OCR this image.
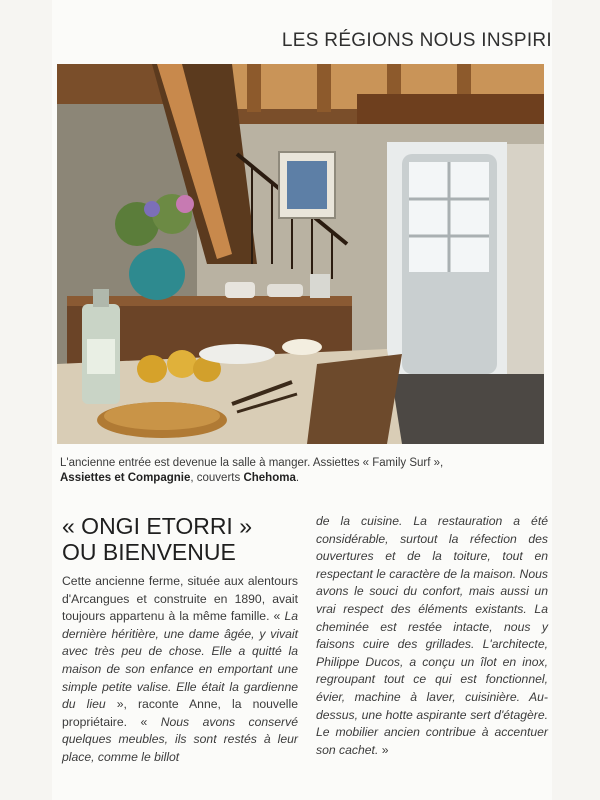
LES RÉGIONS NOUS INSPIRI
L'ancienne entrée est devenue la salle à manger. Assiettes « Family Surf »,
Assiettes et Compagnie, couverts Chehoma.
« ONGI ETORRI »
OU BIENVENUE

Cette ancienne ferme, située aux alentours d'Arcangues et construite en 1890, avait toujours appartenu à la même famille. « La dernière héritière, une dame âgée, y vivait avec très peu de chose. Elle a quitté la maison de son enfance en emportant une simple petite valise. Elle était la gardienne du lieu », raconte Anne, la nouvelle propriétaire. « Nous avons conservé quelques meubles, ils sont restés à leur place, comme le billot

de la cuisine. La restauration a été considérable, surtout la réfection des ouvertures et de la toiture, tout en respectant le caractère de la maison. Nous avons le souci du confort, mais aussi un vrai respect des éléments existants. La cheminée est restée intacte, nous y faisons cuire des grillades. L'architecte, Philippe Ducos, a conçu un îlot en inox, regroupant tout ce qui est fonctionnel, évier, machine à laver, cuisinière. Au-dessus, une hotte aspirante sert d'étagère. Le mobilier ancien contribue à accentuer son cachet. »
